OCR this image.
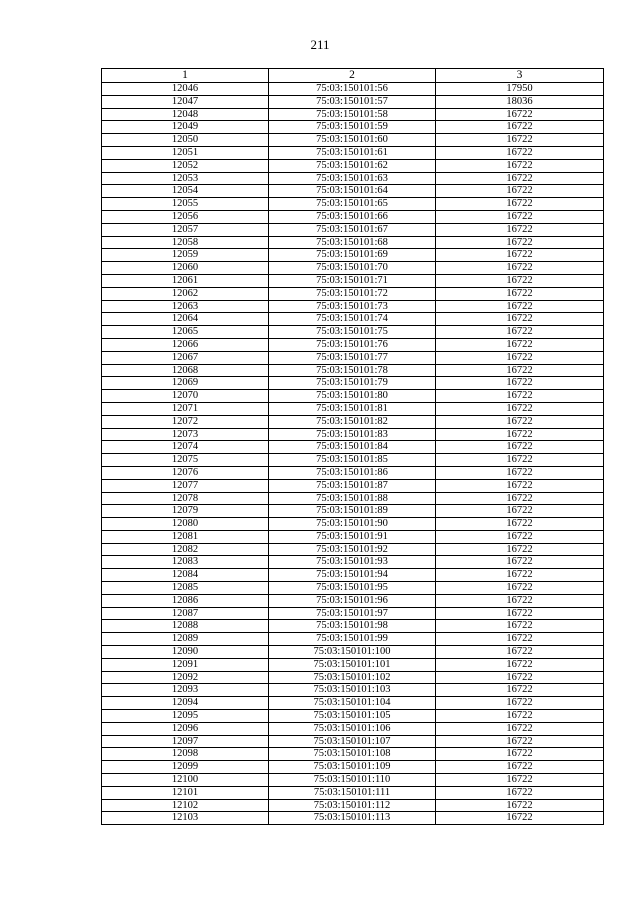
211
1	2	3
12046	75:03:150101:56	17950
12047	75:03:150101:57	18036
12048	75:03:150101:58	16722
12049	75:03:150101:59	16722
12050	75:03:150101:60	16722
12051	75:03:150101:61	16722
12052	75:03:150101:62	16722
12053	75:03:150101:63	16722
12054	75:03:150101:64	16722
12055	75:03:150101:65	16722
12056	75:03:150101:66	16722
12057	75:03:150101:67	16722
12058	75:03:150101:68	16722
12059	75:03:150101:69	16722
12060	75:03:150101:70	16722
12061	75:03:150101:71	16722
12062	75:03:150101:72	16722
12063	75:03:150101:73	16722
12064	75:03:150101:74	16722
12065	75:03:150101:75	16722
12066	75:03:150101:76	16722
12067	75:03:150101:77	16722
12068	75:03:150101:78	16722
12069	75:03:150101:79	16722
12070	75:03:150101:80	16722
12071	75:03:150101:81	16722
12072	75:03:150101:82	16722
12073	75:03:150101:83	16722
12074	75:03:150101:84	16722
12075	75:03:150101:85	16722
12076	75:03:150101:86	16722
12077	75:03:150101:87	16722
12078	75:03:150101:88	16722
12079	75:03:150101:89	16722
12080	75:03:150101:90	16722
12081	75:03:150101:91	16722
12082	75:03:150101:92	16722
12083	75:03:150101:93	16722
12084	75:03:150101:94	16722
12085	75:03:150101:95	16722
12086	75:03:150101:96	16722
12087	75:03:150101:97	16722
12088	75:03:150101:98	16722
12089	75:03:150101:99	16722
12090	75:03:150101:100	16722
12091	75:03:150101:101	16722
12092	75:03:150101:102	16722
12093	75:03:150101:103	16722
12094	75:03:150101:104	16722
12095	75:03:150101:105	16722
12096	75:03:150101:106	16722
12097	75:03:150101:107	16722
12098	75:03:150101:108	16722
12099	75:03:150101:109	16722
12100	75:03:150101:110	16722
12101	75:03:150101:111	16722
12102	75:03:150101:112	16722
12103	75:03:150101:113	16722
